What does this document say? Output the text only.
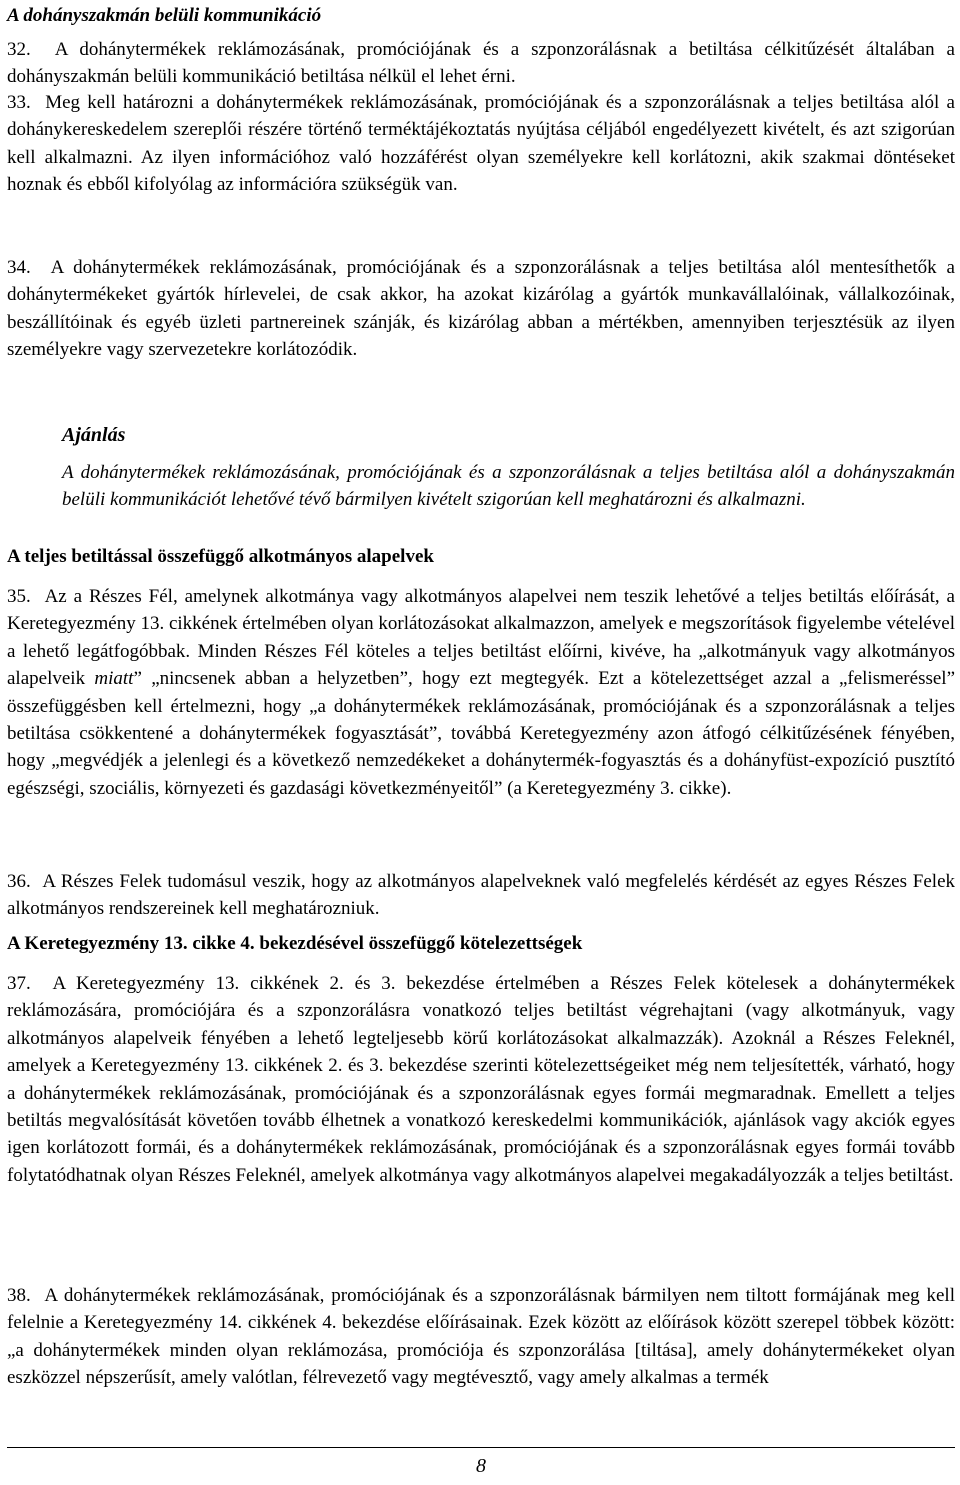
A dohányszakmán belüli kommunikáció

32.  A dohánytermékek reklámozásának, promóciójának és a szponzorálásnak a betiltása célkitűzését általában a dohányszakmán belüli kommunikáció betiltása nélkül el lehet érni.

33.  Meg kell határozni a dohánytermékek reklámozásának, promóciójának és a szponzorálásnak a teljes betiltása alól a dohánykereskedelem szereplői részére történő terméktájékoztatás nyújtása céljából engedélyezett kivételt, és azt szigorúan kell alkalmazni. Az ilyen információhoz való hozzáférést olyan személyekre kell korlátozni, akik szakmai döntéseket hoznak és ebből kifolyólag az információra szükségük van.

34.  A dohánytermékek reklámozásának, promóciójának és a szponzorálásnak a teljes betiltása alól mentesíthetők a dohánytermékeket gyártók hírlevelei, de csak akkor, ha azokat kizárólag a gyártók munkavállalóinak, vállalkozóinak, beszállítóinak és egyéb üzleti partnereinek szánják, és kizárólag abban a mértékben, amennyiben terjesztésük az ilyen személyekre vagy szervezetekre korlátozódik.

Ajánlás

A dohánytermékek reklámozásának, promóciójának és a szponzorálásnak a teljes betiltása alól a dohányszakmán belüli kommunikációt lehetővé tévő bármilyen kivételt szigorúan kell meghatározni és alkalmazni.

A teljes betiltással összefüggő alkotmányos alapelvek

35.  Az a Részes Fél, amelynek alkotmánya vagy alkotmányos alapelvei nem teszik lehetővé a teljes betiltás előírását, a Keretegyezmény 13. cikkének értelmében olyan korlátozásokat alkalmazzon, amelyek e megszorítások figyelembe vételével a lehető legátfogóbbak. Minden Részes Fél köteles a teljes betiltást előírni, kivéve, ha „alkotmányuk vagy alkotmányos alapelveik miatt” „nincsenek abban a helyzetben”, hogy ezt megtegyék. Ezt a kötelezettséget azzal a „felismeréssel” összefüggésben kell értelmezni, hogy „a dohánytermékek reklámozásának, promóciójának és a szponzorálásnak a teljes betiltása csökkentené a dohánytermékek fogyasztását”, továbbá Keretegyezmény azon átfogó célkitűzésének fényében, hogy „megvédjék a jelenlegi és a következő nemzedékeket a dohánytermék-fogyasztás és a dohányfüst-expozíció pusztító egészségi, szociális, környezeti és gazdasági következményeitől” (a Keretegyezmény 3. cikke).

36.  A Részes Felek tudomásul veszik, hogy az alkotmányos alapelveknek való megfelelés kérdését az egyes Részes Felek alkotmányos rendszereinek kell meghatározniuk.

A Keretegyezmény 13. cikke 4. bekezdésével összefüggő kötelezettségek

37.  A Keretegyezmény 13. cikkének 2. és 3. bekezdése értelmében a Részes Felek kötelesek a dohánytermékek reklámozására, promóciójára és a szponzorálásra vonatkozó teljes betiltást végrehajtani (vagy alkotmányuk, vagy alkotmányos alapelveik fényében a lehető legteljesebb körű korlátozásokat alkalmazzák). Azoknál a Részes Feleknél, amelyek a Keretegyezmény 13. cikkének 2. és 3. bekezdése szerinti kötelezettségeiket még nem teljesítették, várható, hogy a dohánytermékek reklámozásának, promóciójának és a szponzorálásnak egyes formái megmaradnak. Emellett a teljes betiltás megvalósítását követően tovább élhetnek a vonatkozó kereskedelmi kommunikációk, ajánlások vagy akciók egyes igen korlátozott formái, és a dohánytermékek reklámozásának, promóciójának és a szponzorálásnak egyes formái tovább folytatódhatnak olyan Részes Feleknél, amelyek alkotmánya vagy alkotmányos alapelvei megakadályozzák a teljes betiltást.

38.  A dohánytermékek reklámozásának, promóciójának és a szponzorálásnak bármilyen nem tiltott formájának meg kell felelnie a Keretegyezmény 14. cikkének 4. bekezdése előírásainak. Ezek között az előírások között szerepel többek között: „a dohánytermékek minden olyan reklámozása, promóciója és szponzorálása [tiltása], amely dohánytermékeket olyan eszközzel népszerűsít, amely valótlan, félrevezető vagy megtévesztő, vagy amely alkalmas a termék

8
